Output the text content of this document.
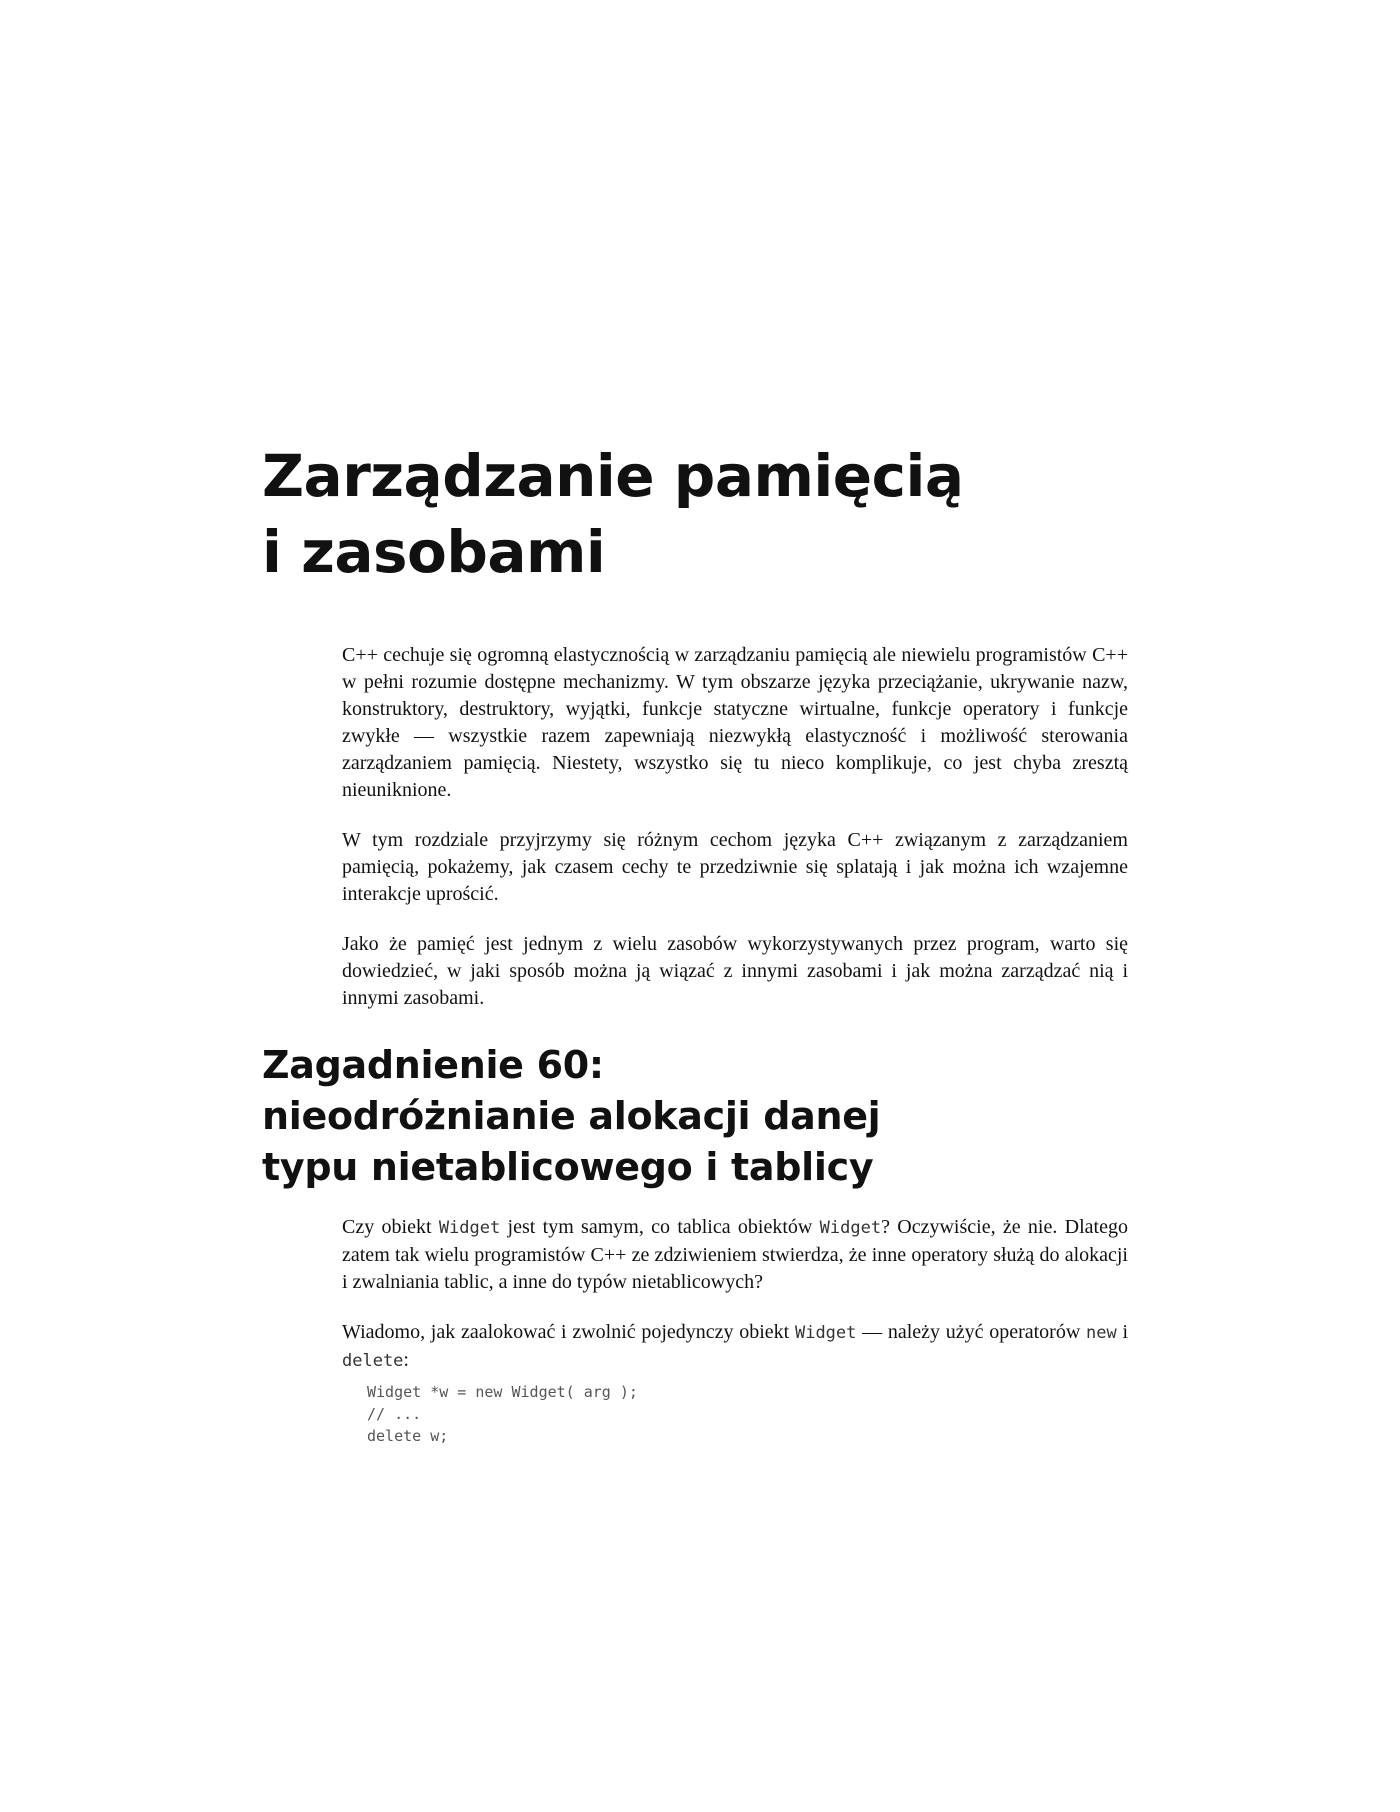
Zarządzanie pamięcią
i zasobami

C++ cechuje się ogromną elastycznością w zarządzaniu pamięcią ale niewielu programistów C++ w pełni rozumie dostępne mechanizmy. W tym obszarze języka przeciążanie, ukrywanie nazw, konstruktory, destruktory, wyjątki, funkcje statyczne wirtualne, funkcje operatory i funkcje zwykłe — wszystkie razem zapewniają niezwykłą elastyczność i możliwość sterowania zarządzaniem pamięcią. Niestety, wszystko się tu nieco komplikuje, co jest chyba zresztą nieuniknione.

W tym rozdziale przyjrzymy się różnym cechom języka C++ związanym z zarządzaniem pamięcią, pokażemy, jak czasem cechy te przedziwnie się splatają i jak można ich wzajemne interakcje uprościć.

Jako że pamięć jest jednym z wielu zasobów wykorzystywanych przez program, warto się dowiedzieć, w jaki sposób można ją wiązać z innymi zasobami i jak można zarządzać nią i innymi zasobami.

Zagadnienie 60:
nieodróżnianie alokacji danej
typu nietablicowego i tablicy

Czy obiekt Widget jest tym samym, co tablica obiektów Widget? Oczywiście, że nie. Dlatego zatem tak wielu programistów C++ ze zdziwieniem stwierdza, że inne operatory służą do alokacji i zwalniania tablic, a inne do typów nietablicowych?

Wiadomo, jak zaalokować i zwolnić pojedynczy obiekt Widget — należy użyć operatorów new i delete:

Widget *w = new Widget( arg );
// ...
delete w;
